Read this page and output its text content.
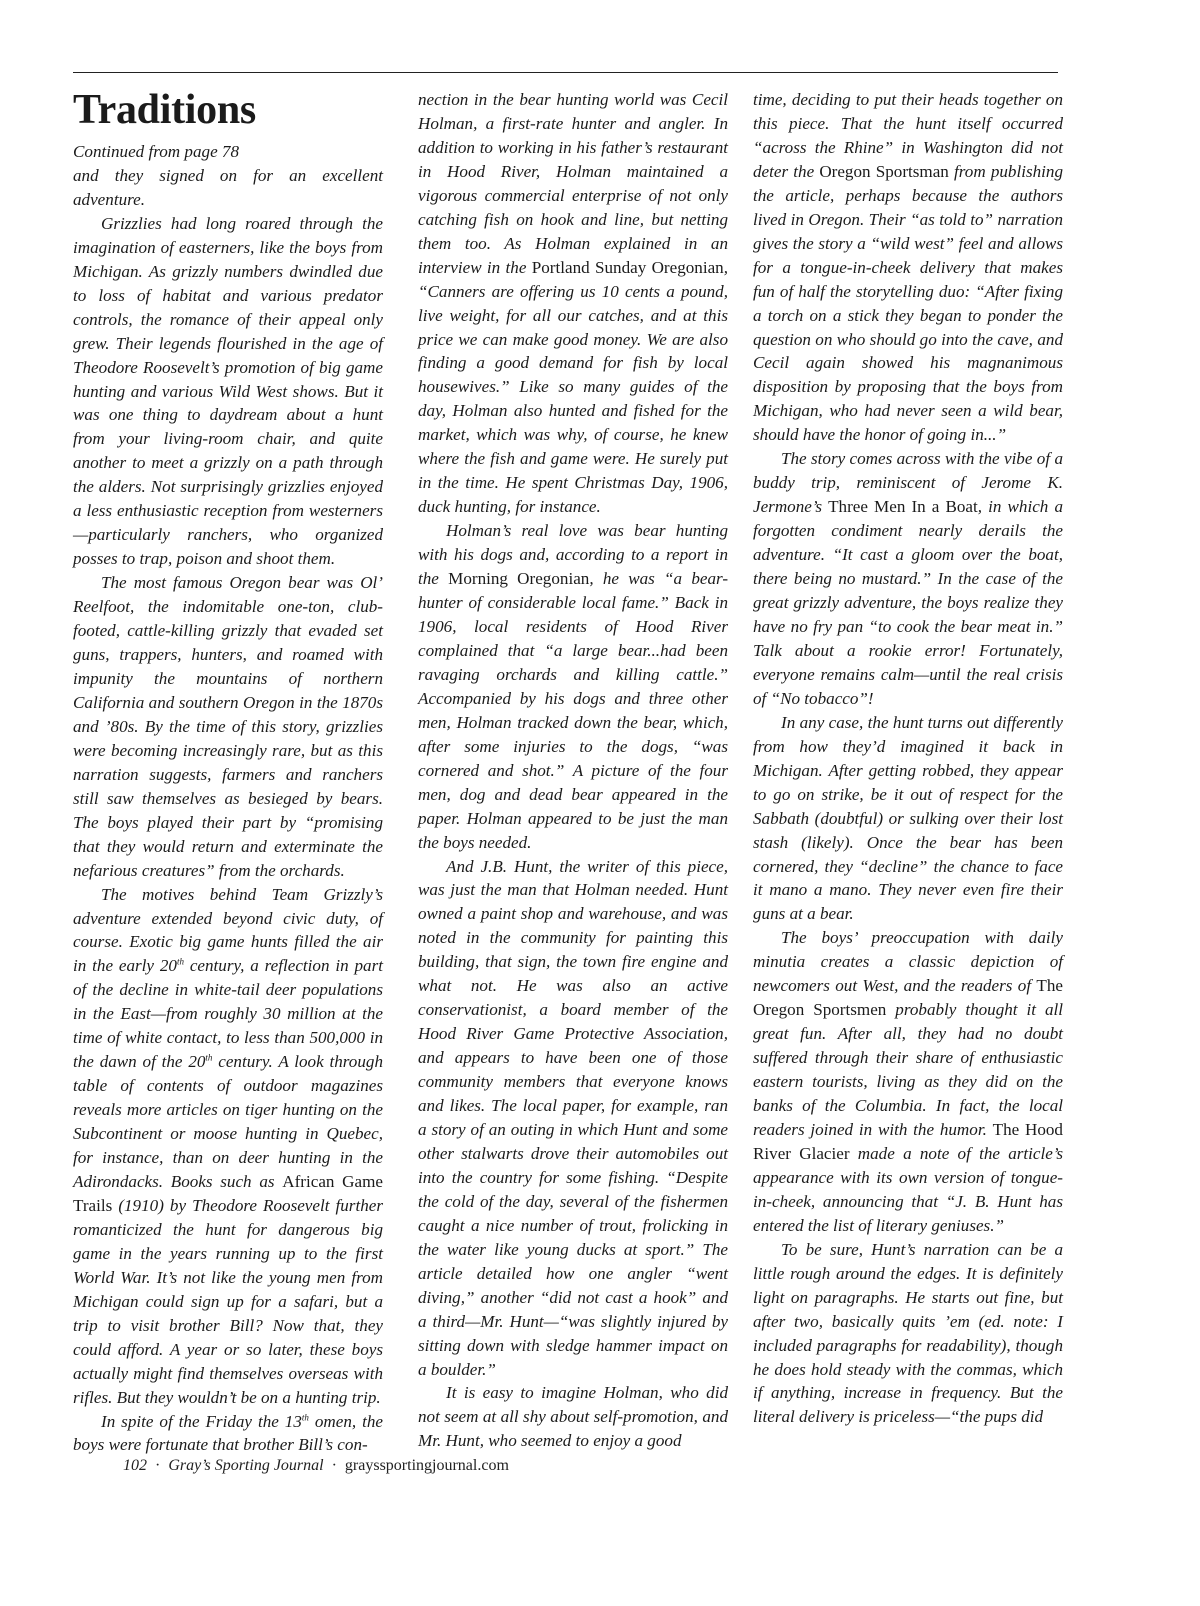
Traditions

Continued from page 78

and they signed on for an excellent adventure.

Grizzlies had long roared through the imagination of easterners, like the boys from Michigan. As grizzly numbers dwindled due to loss of habitat and various predator controls, the romance of their appeal only grew. Their legends flourished in the age of Theodore Roosevelt’s promotion of big game hunting and various Wild West shows. But it was one thing to daydream about a hunt from your living-room chair, and quite another to meet a grizzly on a path through the alders. Not surprisingly grizzlies enjoyed a less enthusiastic reception from westerners—particularly ranchers, who organized posses to trap, poison and shoot them.

The most famous Oregon bear was Ol’ Reelfoot, the indomitable one-ton, club-footed, cattle-killing grizzly that evaded set guns, trappers, hunters, and roamed with impunity the mountains of northern California and southern Oregon in the 1870s and ’80s. By the time of this story, grizzlies were becoming increasingly rare, but as this narration suggests, farmers and ranchers still saw themselves as besieged by bears. The boys played their part by “promising that they would return and exterminate the nefarious creatures” from the orchards.

The motives behind Team Grizzly’s adventure extended beyond civic duty, of course. Exotic big game hunts filled the air in the early 20th century, a reflection in part of the decline in white-tail deer populations in the East—from roughly 30 million at the time of white contact, to less than 500,000 in the dawn of the 20th century. A look through table of contents of outdoor magazines reveals more articles on tiger hunting on the Subcontinent or moose hunting in Quebec, for instance, than on deer hunting in the Adirondacks. Books such as African Game Trails (1910) by Theodore Roosevelt further romanticized the hunt for dangerous big game in the years running up to the first World War. It’s not like the young men from Michigan could sign up for a safari, but a trip to visit brother Bill? Now that, they could afford. A year or so later, these boys actually might find themselves overseas with rifles. But they wouldn’t be on a hunting trip.

In spite of the Friday the 13th omen, the boys were fortunate that brother Bill’s con-

nection in the bear hunting world was Cecil Holman, a first-rate hunter and angler. In addition to working in his father’s restaurant in Hood River, Holman maintained a vigorous commercial enterprise of not only catching fish on hook and line, but netting them too. As Holman explained in an interview in the Portland Sunday Oregonian, “Canners are offering us 10 cents a pound, live weight, for all our catches, and at this price we can make good money. We are also finding a good demand for fish by local housewives.” Like so many guides of the day, Holman also hunted and fished for the market, which was why, of course, he knew where the fish and game were. He surely put in the time. He spent Christmas Day, 1906, duck hunting, for instance.

Holman’s real love was bear hunting with his dogs and, according to a report in the Morning Oregonian, he was “a bear-hunter of considerable local fame.” Back in 1906, local residents of Hood River complained that “a large bear...had been ravaging orchards and killing cattle.” Accompanied by his dogs and three other men, Holman tracked down the bear, which, after some injuries to the dogs, “was cornered and shot.” A picture of the four men, dog and dead bear appeared in the paper. Holman appeared to be just the man the boys needed.

And J.B. Hunt, the writer of this piece, was just the man that Holman needed. Hunt owned a paint shop and warehouse, and was noted in the community for painting this building, that sign, the town fire engine and what not. He was also an active conservationist, a board member of the Hood River Game Protective Association, and appears to have been one of those community members that everyone knows and likes. The local paper, for example, ran a story of an outing in which Hunt and some other stalwarts drove their automobiles out into the country for some fishing. “Despite the cold of the day, several of the fishermen caught a nice number of trout, frolicking in the water like young ducks at sport.” The article detailed how one angler “went diving,” another “did not cast a hook” and a third—Mr. Hunt—“was slightly injured by sitting down with sledge hammer impact on a boulder.”

It is easy to imagine Holman, who did not seem at all shy about self-promotion, and Mr. Hunt, who seemed to enjoy a good

time, deciding to put their heads together on this piece. That the hunt itself occurred “across the Rhine” in Washington did not deter the Oregon Sportsman from publishing the article, perhaps because the authors lived in Oregon. Their “as told to” narration gives the story a “wild west” feel and allows for a tongue-in-cheek delivery that makes fun of half the storytelling duo: “After fixing a torch on a stick they began to ponder the question on who should go into the cave, and Cecil again showed his magnanimous disposition by proposing that the boys from Michigan, who had never seen a wild bear, should have the honor of going in...”

The story comes across with the vibe of a buddy trip, reminiscent of Jerome K. Jermone’s Three Men In a Boat, in which a forgotten condiment nearly derails the adventure. “It cast a gloom over the boat, there being no mustard.” In the case of the great grizzly adventure, the boys realize they have no fry pan “to cook the bear meat in.” Talk about a rookie error! Fortunately, everyone remains calm—until the real crisis of “No tobacco”!

In any case, the hunt turns out differently from how they’d imagined it back in Michigan. After getting robbed, they appear to go on strike, be it out of respect for the Sabbath (doubtful) or sulking over their lost stash (likely). Once the bear has been cornered, they “decline” the chance to face it mano a mano. They never even fire their guns at a bear.

The boys’ preoccupation with daily minutia creates a classic depiction of newcomers out West, and the readers of The Oregon Sportsmen probably thought it all great fun. After all, they had no doubt suffered through their share of enthusiastic eastern tourists, living as they did on the banks of the Columbia. In fact, the local readers joined in with the humor. The Hood River Glacier made a note of the article’s appearance with its own version of tongue-in-cheek, announcing that “J. B. Hunt has entered the list of literary geniuses.”

To be sure, Hunt’s narration can be a little rough around the edges. It is definitely light on paragraphs. He starts out fine, but after two, basically quits ’em (ed. note: I included paragraphs for readability), though he does hold steady with the commas, which if anything, increase in frequency. But the literal delivery is priceless—“the pups did

102 · Gray’s Sporting Journal · grayssportingjournal.com
